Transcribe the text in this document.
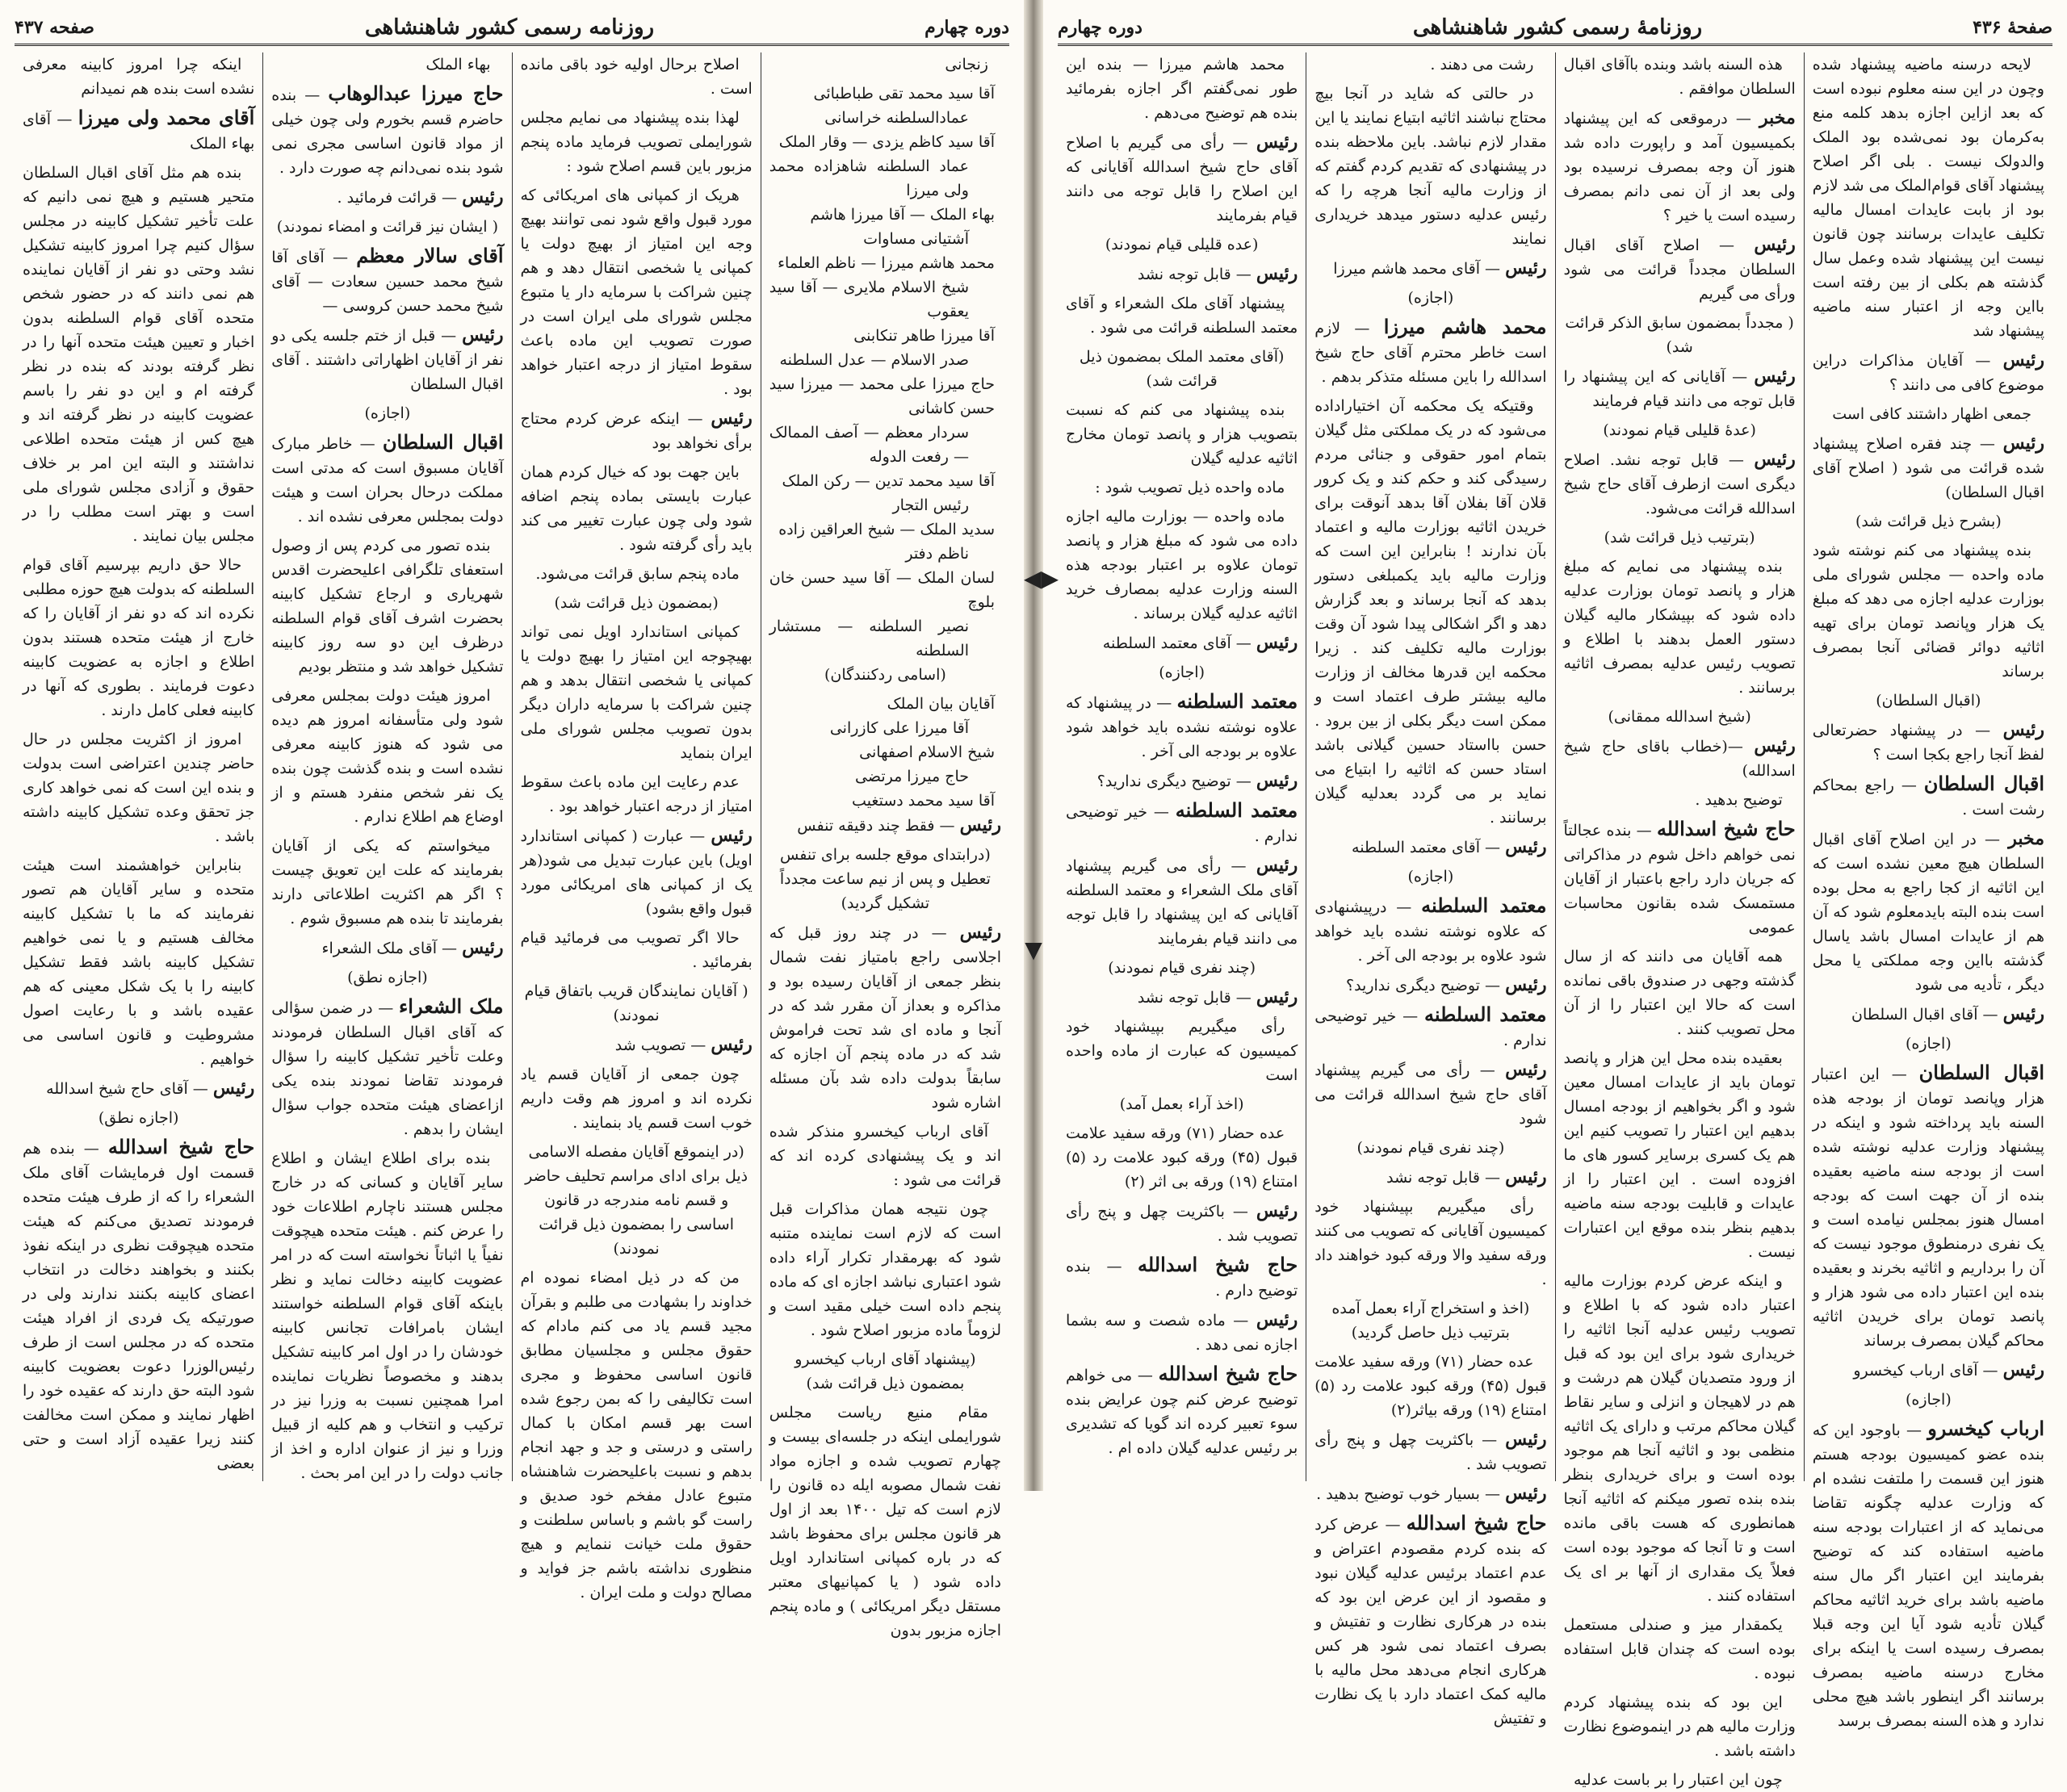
صفحهٔ ۴۳۶
روزنامهٔ رسمی کشور شاهنشاهی
دوره چهارم

لایحه درسنه ماضیه پیشنهاد شده وچون در این سنه معلوم نبوده است که بعد ازاین اجازه بدهد کلمه منع به‌کرمان بود نمی‌شده بود الملک والدولک نیست . بلی اگر اصلاح پیشنهاد آقای قوام‌الملک می شد لازم بود از بابت عایدات امسال مالیه تکلیف عایدات برسانند چون قانون نیست این پیشنهاد شده وعمل سال گذشته هم بکلی از بین رفته است بااین وجه از اعتبار سنه ماضیه پیشنهاد شد

رئیس — آقایان مذاکرات دراین موضوع کافی می دانند ؟

جمعی اظهار داشتند کافی است

رئیس — چند فقره اصلاح پیشنهاد شده قرائت می شود ( اصلاح آقای اقبال السلطان)

(بشرح ذیل قرائت شد)

بنده پیشنهاد می کنم نوشته شود ماده واحده — مجلس شورای ملی بوزارت عدلیه اجازه می دهد که مبلغ یک هزار وپانصد تومان برای تهیه اثاثیه دوائر قضائی آنجا بمصرف برساند

(اقبال السلطان)

رئیس — در پیشنهاد حضرتعالی لفظ آنجا راجع بکجا است ؟

اقبال السلطان — راجع بمحاکم رشت است .

مخبر — در این اصلاح آقای اقبال السلطان هیچ معین نشده است که این اثاثیه از کجا راجع به محل بوده است بنده البته بایدمعلوم شود که آن هم از عایدات امسال باشد یاسال گذشته بااین وجه مملکتی یا محل دیگر ، تأدیه می شود

رئیس — آقای اقبال السلطان

(اجازه)

اقبال السلطان — این اعتبار هزار وپانصد تومان از بودجه هذه السنه باید پرداخته شود و اینکه در پیشنهاد وزارت عدلیه نوشته شده است از بودجه سنه ماضیه بعقیده بنده از آن جهت است که بودجه امسال هنوز بمجلس نیامده است و یک نفری درمنطوق موجود نیست که آن را برداریم و اثاثیه بخرند و بعقیده بنده این اعتبار داده می شود هزار و پانصد تومان برای خریدن اثاثیه محاکم گیلان بمصرف برساند

رئیس — آقای ارباب کیخسرو

(اجازه)

ارباب کیخسرو — باوجود این که بنده عضو کمیسیون بودجه هستم هنوز این قسمت را ملتفت نشده ام که وزارت عدلیه چگونه تقاضا می‌نماید که از اعتبارات بودجه سنه ماضیه استفاده کند که توضیح بفرمایند این اعتبار اگر مال سنه ماضیه باشد برای خرید اثاثیه محاکم گیلان تأدیه شود آیا این وجه قبلا بمصرف رسیده است یا اینکه برای مخارج درسنه ماضیه بمصرف برسانند اگر اینطور باشد هیچ محلی ندارد و هذه السنه بمصرف برسد

هذه السنه باشد وبنده باآقای اقبال السلطان موافقم .

مخبر — درموقعی که این پیشنهاد بکمیسیون آمد و راپورت داده شد هنوز آن وجه بمصرف نرسیده بود ولی بعد از آن نمی دانم بمصرف رسیده است یا خیر ؟

رئیس — اصلاح آقای اقبال السلطان مجدداً قرائت می شود ورأی می گیریم

( مجدداً بمضمون سابق الذکر قرائت شد)

رئیس — آقایانی که این پیشنهاد را قابل توجه می دانند قیام فرمایند

(عدهٔ قلیلی قیام نمودند)

رئیس — قابل توجه نشد. اصلاح دیگری است ازطرف آقای حاج شیخ اسدالله قرائت می‌شود.

(بترتیب ذیل قرائت شد)

بنده پیشنهاد می نمایم که مبلغ هزار و پانصد تومان بوزارت عدلیه داده شود که بپیشکار مالیه گیلان دستور العمل بدهند با اطلاع و تصویب رئیس عدلیه بمصرف اثاثیه برسانند .

(شیخ اسدالله ممقانی)

رئیس —(خطاب باقای حاج شیخ اسدالله)

توضیح بدهید .

حاج شیخ اسدالله — بنده عجالتاً نمی خواهم داخل شوم در مذاکراتی که جریان دارد راجع باعتبار از آقایان مستمسک شده بقانون محاسبات عمومی

همه آقایان می دانند که از سال گذشته وجهی در صندوق باقی نمانده است که حالا این اعتبار را از آن محل تصویب کنند .

بعقیده بنده محل این هزار و پانصد تومان باید از عایدات امسال معین شود و اگر بخواهیم از بودجه امسال بدهیم این اعتبار را تصویب کنیم این هم یک کسری برسایر کسور های ما افزوده است . این اعتبار را از عایدات و قابلیت بودجه سنه ماضیه بدهیم بنظر بنده موقع این اعتبارات نیست .

و اینکه عرض کردم بوزارت مالیه اعتبار داده شود که با اطلاع و تصویب رئیس عدلیه آنجا اثاثیه را خریداری شود برای این بود که قبل از ورود متصدیان گیلان هم درشت و هم در لاهیجان و انزلی و سایر نقاط گیلان محاکم مرتب و دارای یک اثاثیه منظمی بود و اثاثیه آنجا هم موجود بوده است و برای خریداری بنظر بنده بنده تصور میکنم که اثاثیه آنجا همانطوری که هست باقی مانده است و تا آنجا که موجود بوده است فعلاً یک مقداری از آنها بر ای یک استفاده کنند .

یکمقدار میز و صندلی مستعمل بوده است که چندان قابل استفاده نبوده .

این بود که بنده پیشنهاد کردم وزارت مالیه هم در اینموضوع نظارت داشته باشد .

چون این اعتبار را بر باست عدلیه

رشت می دهند .

در حالتی که شاید در آنجا بیچ محتاج نباشند اثاثیه ابتیاع نمایند یا این مقدار لازم نباشد. باین ملاحظه بنده در پیشنهادی که تقدیم کردم گفتم که از وزارت مالیه آنجا هرچه را که رئیس عدلیه دستور میدهد خریداری نمایند

رئیس — آقای محمد هاشم میرزا

(اجازه)

محمد هاشم میرزا — لازم است خاطر محترم آقای حاج شیخ اسدالله را باین مسئله متذکر بدهم .

وقتیکه یک محکمه آن اختیاراداده می‌شود که در یک مملکتی مثل گیلان بتمام امور حقوقی و جنائی مردم رسیدگی کند و حکم کند و یک کرور قلان آقا بفلان آقا بدهد آنوقت برای خریدن اثاثیه بوزارت مالیه و اعتماد بآن ندارند ! بنابراین این است که وزارت مالیه باید یکمبلغی دستور بدهد که آنجا برساند و بعد گزارش دهد و اگر اشکالی پیدا شود آن وقت بوزارت مالیه تکلیف کند . زیرا محکمه این قدرها مخالف از وزارت مالیه بیشتر طرف اعتماد است و ممکن است دیگر بکلی از بین برود . حسن بااستاد حسین گیلانی باشد استاد حسن که اثاثیه را ابتیاع می نماید بر می گردد بعدلیه گیلان برسانند .

رئیس — آقای معتمد السلطنه

(اجازه)

معتمد السلطنه — درپیشنهادی که علاوه نوشته نشده باید خواهد شود علاوه بر بودجه الی آخر .

رئیس — توضیح دیگری ندارید؟

معتمد السلطنه — خیر توضیحی ندارم .

رئیس — رأی می گیریم پیشنهاد آقای حاج شیخ اسدالله قرائت می شود

(چند نفری قیام نمودند)

رئیس — قابل توجه نشد

رأی میگیریم بپیشنهاد خود کمیسیون آقایانی که تصویب می کنند ورقه سفید والا ورقه کبود خواهند داد .

(اخذ و استخراج آراء بعمل آمده بترتیب ذیل حاصل گردید)

عده حضار (۷۱) ورقه سفید علامت قبول (۴۵) ورقه کبود علامت رد (۵) امتناع (۱۹) ورقه بیاثر(۲)

رئیس — باکثریت چهل و پنج رأی تصویب شد .

رئیس — بسیار خوب توضیح بدهید .

حاج شیخ اسدالله — عرض کرد که بنده کردم مقصودم اعتراض و عدم اعتماد برئیس عدلیه گیلان نبود و مقصود از این عرض این بود که بنده در هرکاری نظارت و تفتیش و بصرف اعتماد نمی شود هر کس هرکاری انجام می‌دهد محل مالیه با مالیه کمک اعتماد دارد با یک نظارت و تفتیش

محمد هاشم میرزا — بنده این طور نمی‌گفتم اگر اجازه بفرمائید بنده هم توضیح می‌دهم .

رئیس — رأی می گیریم با اصلاح آقای حاج شیخ اسدالله آقایانی که این اصلاح را قابل توجه می دانند قیام بفرمایند

(عده قلیلی قیام نمودند)

رئیس — قابل توجه نشد

پیشنهاد آقای ملک الشعراء و آقای معتمد السلطنه قرائت می شود .

(آقای معتمد الملک بمضمون ذیل قرائت شد)

بنده پیشنهاد می کنم که نسبت بتصویب هزار و پانصد تومان مخارج اثاثیه عدلیه گیلان

ماده واحده ذیل تصویب شود :

ماده واحده — بوزارت مالیه اجازه داده می شود که مبلغ هزار و پانصد تومان علاوه بر اعتبار بودجه هذه السنه وزارت عدلیه بمصارف خرید اثاثیه عدلیه گیلان برساند .

رئیس — آقای معتمد السلطنه

(اجازه)

معتمد السلطنه — در پیشنهاد که علاوه نوشته نشده باید خواهد شود علاوه بر بودجه الی آخر .

رئیس — توضیح دیگری ندارید؟

معتمد السلطنه — خیر توضیحی ندارم .

رئیس — رأی می گیریم پیشنهاد آقای ملک الشعراء و معتمد السلطنه آقایانی که این پیشنهاد را قابل توجه می دانند قیام بفرمایند

(چند نفری قیام نمودند)

رئیس — قابل توجه نشد

رأی میگیریم بپیشنهاد خود کمیسیون که عبارت از ماده واحده است

(اخذ آراء بعمل آمد)

عده حضار (۷۱) ورقه سفید علامت قبول (۴۵) ورقه کبود علامت رد (۵) امتناع (۱۹) ورقه بی اثر (۲)

رئیس — باکثریت چهل و پنج رأی تصویب شد .

حاج شیخ اسدالله — بنده توضیح دارم .

رئیس — ماده شصت و سه بشما اجازه نمی دهد .

حاج شیخ اسدالله — می خواهم توضیح عرض کنم چون عرایض بنده سوء تعبیر کرده اند گویا که تشدیری بر رئیس عدلیه گیلان داده ام .

◀▶
▼
دوره چهارم
روزنامه رسمی کشور شاهنشاهی
صفحه ۴۳۷

زنجانی

آقا سید محمد تقی طباطبائی
عمادالسلطنه خراسانی
آقا سید کاظم یزدی — وقار الملک
عماد السلطنه شاهزاده محمد ولی میرزا
بهاء الملک — آقا میرزا هاشم
آشتیانی مساوات
محمد هاشم میرزا — ناظم العلماء
شیخ الاسلام ملایری — آقا سید یعقوب
آقا میرزا طاهر تنکابنی
صدر الاسلام — عدل السلطنه
حاج میرزا علی محمد — میرزا سید حسن کاشانی
سردار معظم — آصف الممالک — رفعت الدوله
آقا سید محمد تدین — رکن الملک
رئیس التجار
سدید الملک — شیخ العراقین زاده
ناظم دفتر
لسان الملک — آقا سید حسن خان بلوچ
نصیر السلطنه — مستشار السلطنه

(اسامی ردکنندگان)

آقایان بیان الملک
آقا میرزا علی کازرانی
شیخ الاسلام اصفهانی
حاج میرزا مرتضی
آقا سید محمد دستغیب

رئیس — فقط چند دقیقه تنفس

(درابتدای موقع جلسه برای تنفس تعطیل و پس از نیم ساعت مجدداً تشکیل گردید)

رئیس — در چند روز قبل که اجلاسی راجع بامتیاز نفت شمال بنظر جمعی از آقایان رسیده بود و مذاکره و بعداز آن مقرر شد که در آنجا و ماده ای شد تحت فراموش شد که در ماده پنجم آن اجازه که سابقاً بدولت داده شد بآن مسئله اشاره شود

آقای ارباب کیخسرو منذکر شده اند و یک پیشنهادی کرده اند که قرائت می شود :

چون نتیجه همان مذاکرات قبل است که لازم است نماینده متنبه شود که بهرمقدار تکرار آراء داده شود اعتباری نباشد اجازه ای که ماده پنجم داده است خیلی مقید است و لزوماً ماده مزبور اصلاح شود .

(پیشنهاد آقای ارباب کیخسرو بمضمون ذیل قرائت شد)

مقام منیع ریاست مجلس شورایملی اینکه در جلسه‌ای بیست و چهارم تصویب شده و اجازه مواد نفت شمال مصوبه ایله ده قانون را لازم است که تیل ۱۴۰۰ بعد از اول هر قانون مجلس برای محفوظ باشد که در باره کمپانی استاندارد اویل داده شود ( یا کمپانیهای معتبر مستقل دیگر امریکائی ) و ماده پنجم اجازه مزبور بدون

اصلاح برحال اولیه خود باقی مانده است .

لهذا بنده پیشنهاد می نمایم مجلس شورایملی تصویب فرماید ماده پنجم مزبور باین قسم اصلاح شود :

هریک از کمپانی های امریکائی که مورد قبول واقع شود نمی توانند بهیچ وجه این امتیاز از بهیچ دولت یا کمپانی یا شخصی انتقال دهد و هم چنین شراکت با سرمایه دار یا متبوع مجلس شورای ملی ایران است در صورت تصویب این ماده باعث سقوط امتیاز از درجه اعتبار خواهد بود .

رئیس — اینکه عرض کردم محتاج برأی نخواهد بود

باین جهت بود که خیال کردم همان عبارت بایستی بماده پنجم اضافه شود ولی چون عبارت تغییر می کند باید رأی گرفته شود .

ماده پنجم سابق قرائت می‌شود.

(بمضمون ذیل قرائت شد)

کمپانی استاندارد اویل نمی تواند بهیچوجه این امتیاز را بهیچ دولت یا کمپانی یا شخصی انتقال بدهد و هم چنین شراکت با سرمایه داران دیگر بدون تصویب مجلس شورای ملی ایران بنماید

عدم رعایت این ماده باعث سقوط امتیاز از درجه اعتبار خواهد بود .

رئیس — عبارت ( کمپانی استاندارد اویل) باین عبارت تبدیل می شود(هر یک از کمپانی های امریکائی مورد قبول واقع بشود)

حالا اگر تصویب می فرمائید قیام بفرمائید .

( آقایان نمایندگان قریب باتفاق قیام نمودند)

رئیس — تصویب شد

چون جمعی از آقایان قسم یاد نکرده اند و امروز هم وقت داریم خوب است قسم یاد بنمایند .

(در اینموقع آقایان مفصله الاسامی ذیل برای ادای مراسم تحلیف حاضر و قسم نامه مندرجه در قانون اساسی را بمضمون ذیل قرائت نمودند)

من که در ذیل امضاء نموده ام خداوند را بشهادت می طلبم و بقرآن مجید قسم یاد می کنم مادام که حقوق مجلس و مجلسیان مطابق قانون اساسی محفوظ و مجری است تکالیفی را که بمن رجوع شده است بهر قسم امکان با کمال راستی و درستی و جد و جهد انجام بدهم و نسبت باعلیحضرت شاهنشاه متبوع عادل مفخم خود صدیق و راست گو باشم و باساس سلطنت و حقوق ملت خیانت ننمایم و هیچ منظوری نداشته باشم جز فواید و مصالح دولت و ملت ایران .

بهاء الملک

حاج میرزا عبدالوهاب — بنده حاضرم قسم بخورم ولی چون خیلی از مواد قانون اساسی مجری نمی شود بنده نمی‌دانم چه صورت دارد .

رئیس — قرائت فرمائید .

( ایشان نیز قرائت و امضاء نمودند)

آقای سالار معظم — آقای آقا شیخ محمد حسین سعادت — آقای شیخ محمد حسن کروسی —

رئیس — قبل از ختم جلسه یکی دو نفر از آقایان اظهاراتی داشتند . آقای اقبال السلطان

(اجازه)

اقبال السلطان — خاطر مبارک آقایان مسبوق است که مدتی است مملکت درحال بحران است و هیئت دولت بمجلس معرفی نشده اند .

بنده تصور می کردم پس از وصول استعفای تلگرافی اعلیحضرت اقدس شهریاری و ارجاع تشکیل کابینه بحضرت اشرف آقای قوام السلطنه درظرف این دو سه روز کابینه تشکیل خواهد شد و منتظر بودیم

امروز هیئت دولت بمجلس معرفی شود ولی متأسفانه امروز هم دیده می شود که هنوز کابینه معرفی نشده است و بنده گذشت چون بنده یک نفر شخص منفرد هستم و از اوضاع هم اطلاع ندارم .

میخواستم که یکی از آقایان بفرمایند که علت این تعویق چیست ؟ اگر هم اکثریت اطلاعاتی دارند بفرمایند تا بنده هم مسبوق شوم .

رئیس — آقای ملک الشعراء

(اجازه نطق)

ملک الشعراء — در ضمن سؤالی که آقای اقبال السلطان فرمودند وعلت تأخیر تشکیل کابینه را سؤال فرمودند تقاضا نمودند بنده یکی ازاعضای هیئت متحده جواب سؤال ایشان را بدهم .

بنده برای اطلاع ایشان و اطلاع سایر آقایان و کسانی که در خارج مجلس هستند ناچارم اطلاعات خود را عرض کنم . هیئت متحده هیچوقت نفیاً یا اثباتاً نخواسته است که در امر عضویت کابینه دخالت نماید و نظر باینکه آقای قوام السلطنه خواستند ایشان بامرافات تجانس کابینه خودشان را در اول امر کابینه تشکیل بدهند و مخصوصاً نظریات نماینده امرا همچنین نسبت به وزرا نیز در ترکیب و انتخاب و هم کلیه از قبیل وزرا و نیز از عنوان اداره و اخذ از جانب دولت را در این امر بحث .

اینکه چرا امروز کابینه معرفی نشده است بنده هم نمیدانم

آقای محمد ولی میرزا — آقای بهاء الملک

بنده هم مثل آقای اقبال السلطان متحیر هستیم و هیچ نمی دانیم که علت تأخیر تشکیل کابینه در مجلس سؤال کنیم چرا امروز کابینه تشکیل نشد وحتی دو نفر از آقایان نماینده هم نمی دانند که در حضور شخص متحده آقای قوام السلطنه بدون اخبار و تعیین هیئت متحده آنها را در نظر گرفته بودند که بنده در نظر گرفته ام و این دو نفر را باسم عضویت کابینه در نظر گرفته اند و هیچ کس از هیئت متحده اطلاعی نداشتند و البته این امر بر خلاف حقوق و آزادی مجلس شورای ملی است و بهتر است مطلب را در مجلس بیان نمایند .

حالا حق داریم بپرسیم آقای قوام السلطنه که بدولت هیچ حوزه مطلبی نکرده اند که دو نفر از آقایان را که خارج از هیئت متحده هستند بدون اطلاع و اجازه به عضویت کابینه دعوت فرمایند . بطوری که آنها در کابینه فعلی کامل دارند .

امروز از اکثریت مجلس در حال حاضر چندین اعتراضی است بدولت و بنده این است که نمی خواهد کاری جز تحقق وعده تشکیل کابینه داشته باشد .

بنابراین خواهشمند است هیئت متحده و سایر آقایان هم تصور نفرمایند که ما با تشکیل کابینه مخالف هستیم و یا نمی خواهیم تشکیل کابینه باشد فقط تشکیل کابینه را با یک شکل معینی که هم عقیده باشد و با رعایت اصول مشروطیت و قانون اساسی می خواهیم .

رئیس — آقای حاج شیخ اسدالله

(اجازه نطق)

حاج شیخ اسدالله — بنده هم قسمت اول فرمایشات آقای ملک الشعراء را که از طرف هیئت متحده فرمودند تصدیق می‌کنم که هیئت متحده هیچوقت نظری در اینکه نفوذ بکنند و بخواهند دخالت در انتخاب اعضای کابینه بکنند ندارند ولی در صورتیکه یک فردی از افراد هیئت متحده که در مجلس است از طرف رئیس‌الوزرا دعوت بعضویت کابینه شود البته حق دارند که عقیده خود را اظهار نمایند و ممکن است مخالفت کنند زیرا عقیده آزاد است و حتی بعضی
